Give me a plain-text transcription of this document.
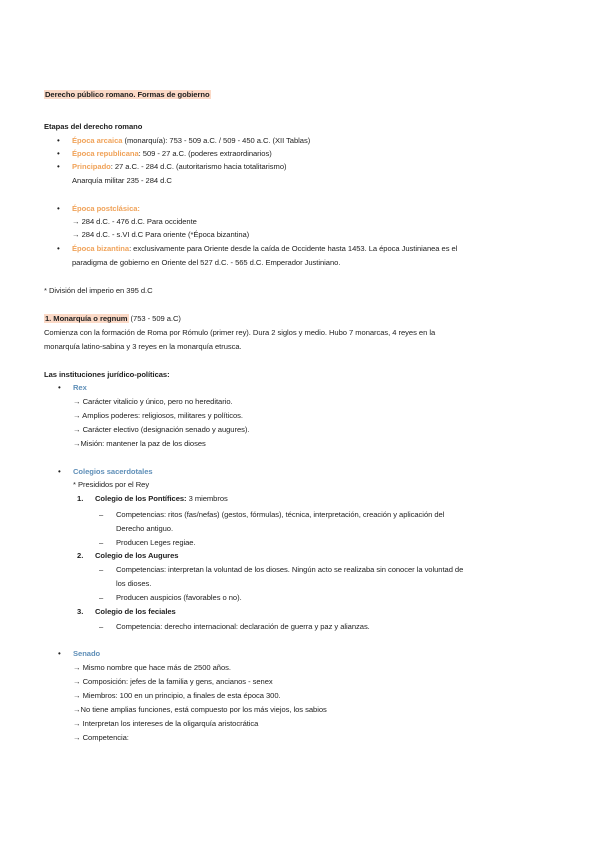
Derecho público romano. Formas de gobierno
Etapas del derecho romano
• Época arcaica (monarquía): 753 - 509 a.C. / 509 - 450 a.C. (XII Tablas)
• Época republicana: 509 - 27 a.C. (poderes extraordinarios)
• Principado: 27 a.C. - 284 d.C. (autoritarismo hacia totalitarismo)
Anarquía militar 235 - 284 d.C
• Época postclásica:
→ 284 d.C. - 476 d.C. Para occidente
→ 284 d.C. - s.VI d.C Para oriente (*Época bizantina)
• Época bizantina: exclusivamente para Oriente desde la caída de Occidente hasta 1453. La época Justinianea es el
paradigma de gobierno en Oriente del 527 d.C. - 565 d.C. Emperador Justiniano.
* División del imperio en 395 d.C
1. Monarquía o regnum (753 - 509 a.C)
Comienza con la formación de Roma por Rómulo (primer rey). Dura 2 siglos y medio. Hubo 7 monarcas, 4 reyes en la
monarquía latino-sabina y 3 reyes en la monarquía etrusca.
Las instituciones jurídico-políticas:
• Rex
→ Carácter vitalicio y único, pero no hereditario.
→ Amplios poderes: religiosos, militares y políticos.
→ Carácter electivo (designación senado y augures).
→Misión: mantener la paz de los dioses
• Colegios sacerdotales
* Presididos por el Rey
1. Colegio de los Pontífices: 3 miembros
– Competencias: ritos (fas/nefas) (gestos, fórmulas), técnica, interpretación, creación y aplicación del
Derecho antiguo.
– Producen Leges regiae.
2. Colegio de los Augures
– Competencias: interpretan la voluntad de los dioses. Ningún acto se realizaba sin conocer la voluntad de
los dioses.
– Producen auspicios (favorables o no).
3. Colegio de los feciales
– Competencia: derecho internacional: declaración de guerra y paz y alianzas.
• Senado
→ Mismo nombre que hace más de 2500 años.
→ Composición: jefes de la familia y gens, ancianos - senex
→ Miembros: 100 en un principio, a finales de esta época 300.
→No tiene amplias funciones, está compuesto por los más viejos, los sabios
→ Interpretan los intereses de la oligarquía aristocrática
→ Competencia:
